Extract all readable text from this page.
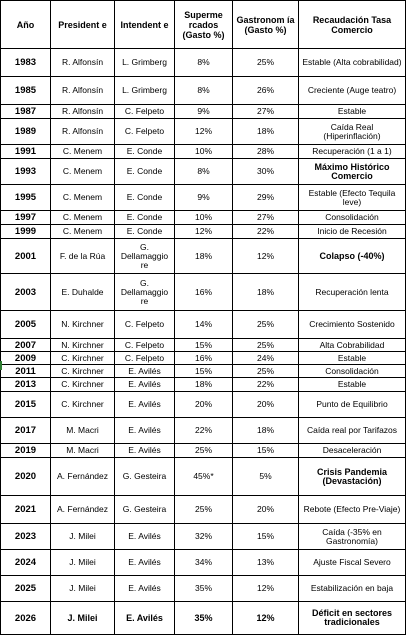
Año	President e	Intendent e	Superme rcados (Gasto %)	Gastronom ía (Gasto %)	Recaudación Tasa Comercio
1983	R. Alfonsín	L. Grimberg	8%	25%	Estable (Alta cobrabilidad)
1985	R. Alfonsín	L. Grimberg	8%	26%	Creciente (Auge teatro)
1987	R. Alfonsín	C. Felpeto	9%	27%	Estable
1989	R. Alfonsín	C. Felpeto	12%	18%	Caída Real (Hiperinflación)
1991	C. Menem	E. Conde	10%	28%	Recuperación (1 a 1)
1993	C. Menem	E. Conde	8%	30%	Máximo Histórico Comercio
1995	C. Menem	E. Conde	9%	29%	Estable (Efecto Tequila leve)
1997	C. Menem	E. Conde	10%	27%	Consolidación
1999	C. Menem	E. Conde	12%	22%	Inicio de Recesión
2001	F. de la Rúa	G. Dellamaggio re	18%	12%	Colapso (-40%)
2003	E. Duhalde	G. Dellamaggio re	16%	18%	Recuperación lenta
2005	N. Kirchner	C. Felpeto	14%	25%	Crecimiento Sostenido
2007	N. Kirchner	C. Felpeto	15%	25%	Alta Cobrabilidad
2009	C. Kirchner	C. Felpeto	16%	24%	Estable
2011	C. Kirchner	E. Avilés	15%	25%	Consolidación
2013	C. Kirchner	E. Avilés	18%	22%	Estable
2015	C. Kirchner	E. Avilés	20%	20%	Punto de Equilibrio
2017	M. Macri	E. Avilés	22%	18%	Caída real por Tarifazos
2019	M. Macri	E. Avilés	25%	15%	Desaceleración
2020	A. Fernández	G. Gesteira	45%*	5%	Crisis Pandemia (Devastación)
2021	A. Fernández	G. Gesteira	25%	20%	Rebote (Efecto Pre-Viaje)
2023	J. Milei	E. Avilés	32%	15%	Caída (-35% en Gastronomía)
2024	J. Milei	E. Avilés	34%	13%	Ajuste Fiscal Severo
2025	J. Milei	E. Avilés	35%	12%	Estabilización en baja
2026	J. Milei	E. Avilés	35%	12%	Déficit en sectores tradicionales
